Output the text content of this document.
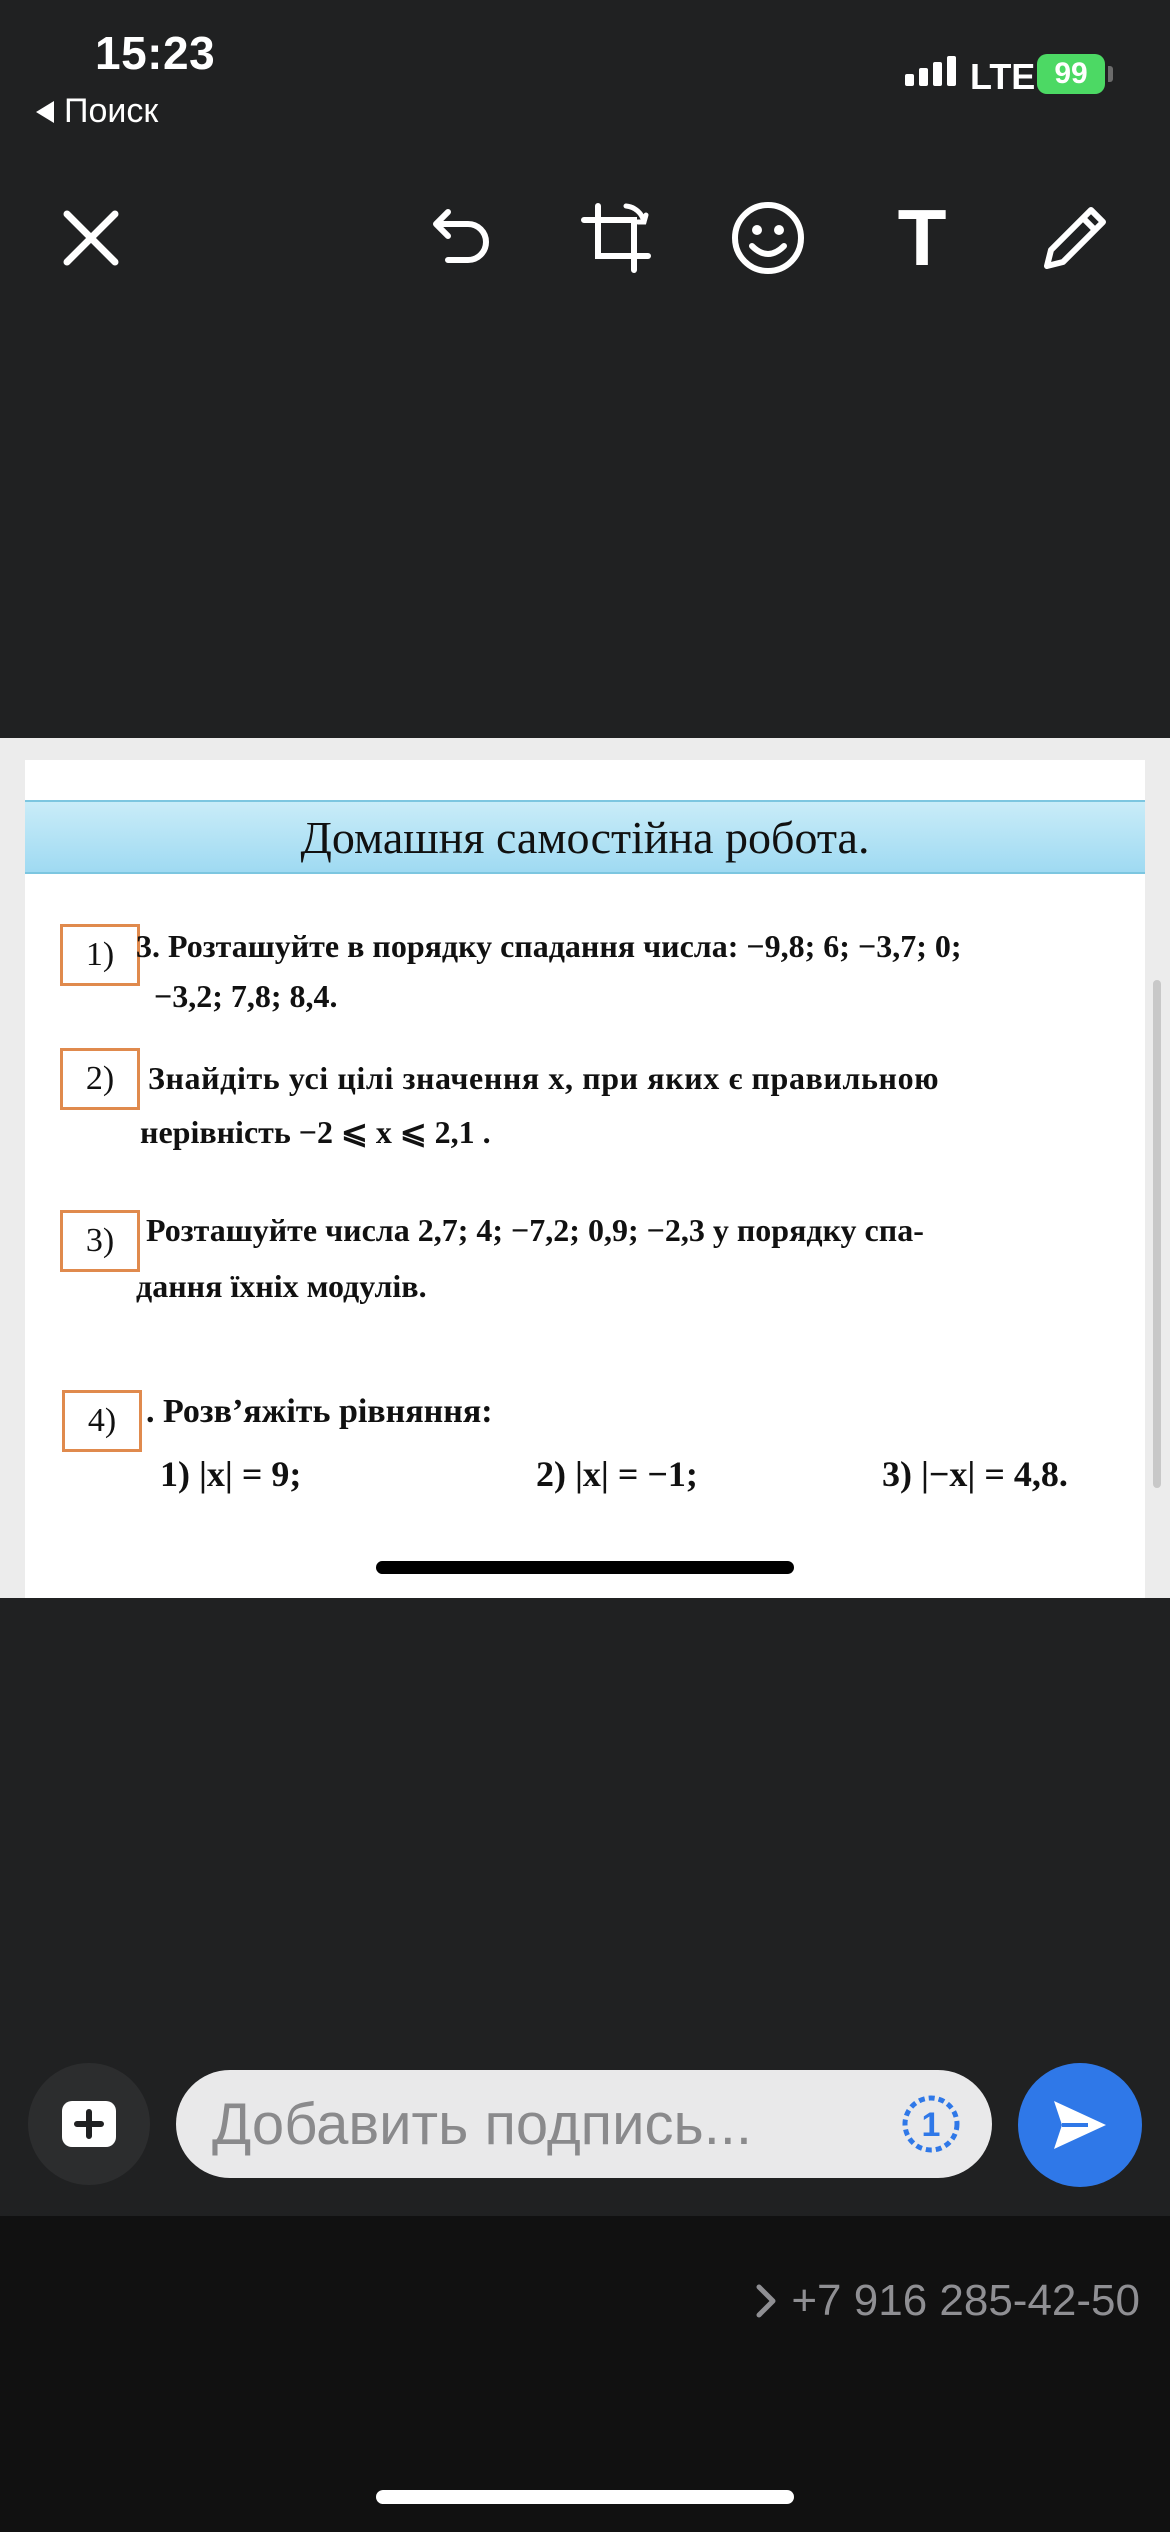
15:23
Поиск
LTE 99
T
Домашня самостійна робота.
1) 3. Розташуйте в порядку спадання числа: −9,8; 6; −3,7; 0;
−3,2; 7,8; 8,4.
2)	Знайдіть усі цілі значення x, при яких є правильною
нерівність −2 ⩽ x ⩽ 2,1 .
3) Розташуйте числа 2,7; 4; −7,2; 0,9; −2,3 у порядку спа-
дання їхніх модулів.
4) . Розв’яжіть рівняння:
1) |x| = 9;	2) |x| = −1;	3) |−x| = 4,8.
Добавить подпись...
1
+7 916 285-42-50
